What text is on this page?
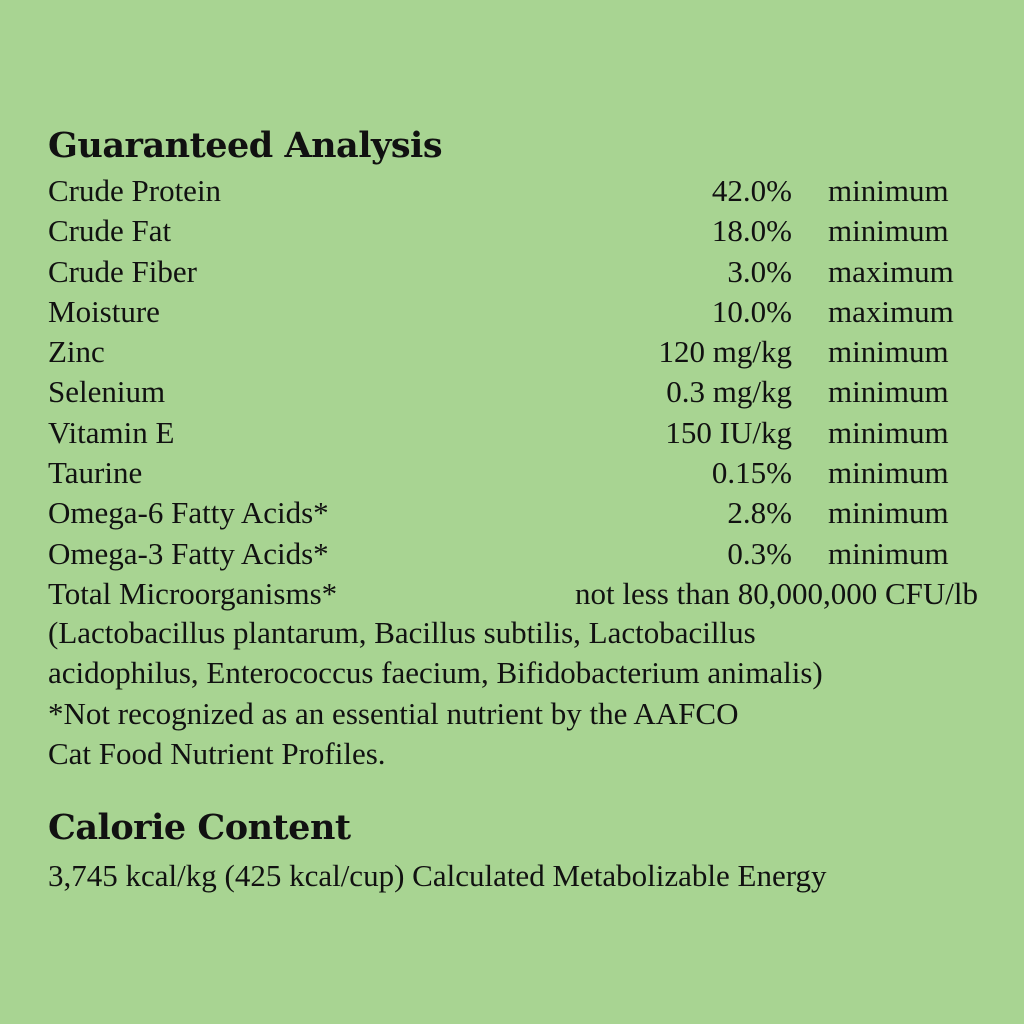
Guaranteed Analysis
Crude Protein	42.0% minimum
Crude Fat	18.0% minimum
Crude Fiber	3.0% maximum
Moisture	10.0% maximum
Zinc	120 mg/kg minimum
Selenium	0.3 mg/kg minimum
Vitamin E	150 IU/kg minimum
Taurine	0.15% minimum
Omega-6 Fatty Acids*	2.8% minimum
Omega-3 Fatty Acids*	0.3% minimum
Total Microorganisms*	not less than 80,000,000 CFU/lb
(Lactobacillus plantarum, Bacillus subtilis, Lactobacillus
acidophilus, Enterococcus faecium, Bifidobacterium animalis)
*Not recognized as an essential nutrient by the AAFCO
Cat Food Nutrient Profiles.
Calorie Content
3,745 kcal/kg (425 kcal/cup) Calculated Metabolizable Energy
